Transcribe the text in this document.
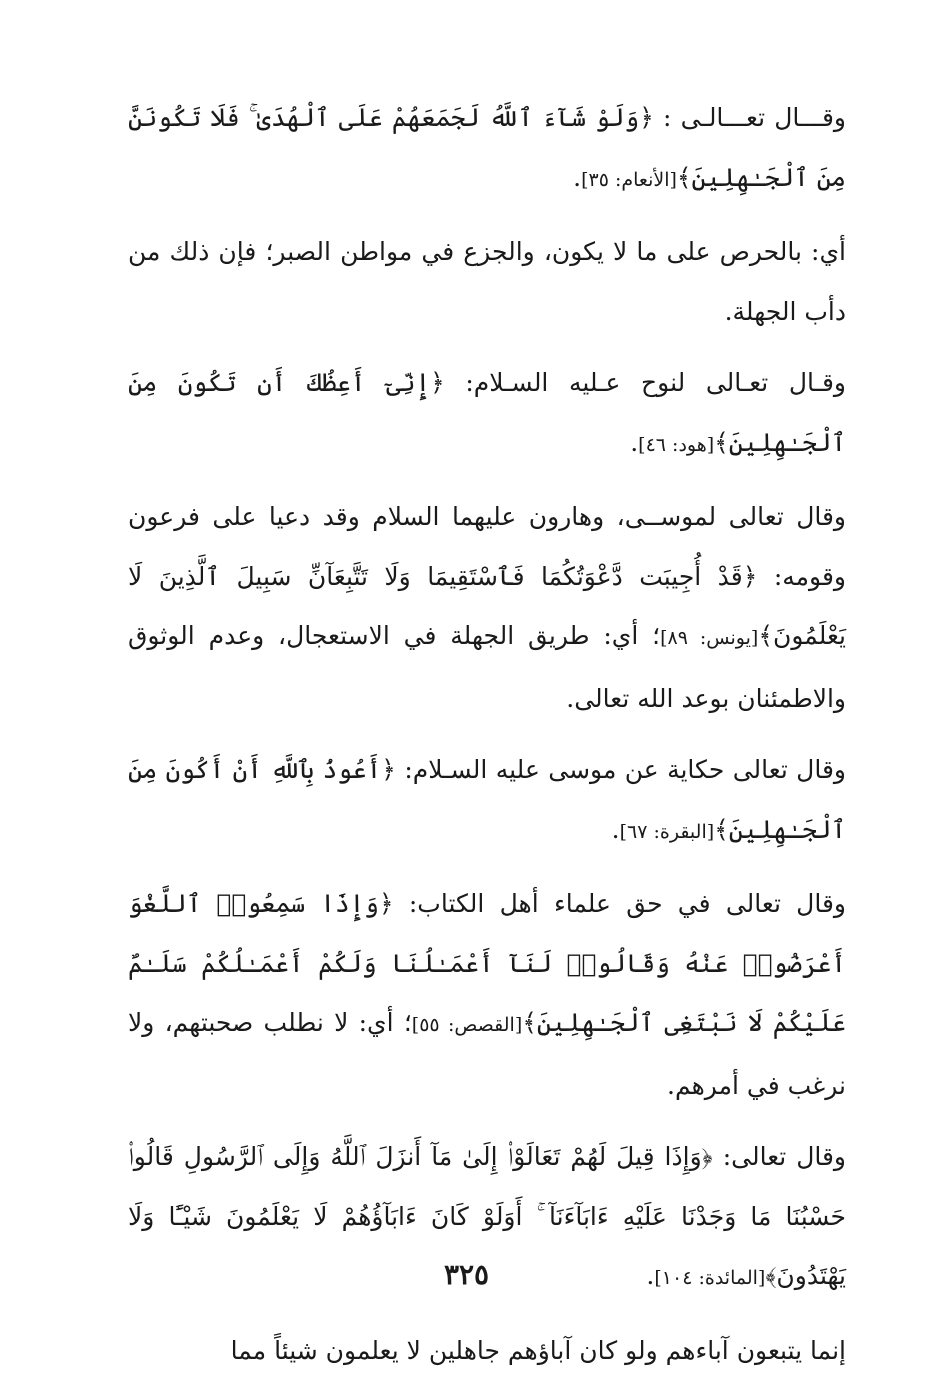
وقـــال تعـــالـى : ﴿وَلَوْ شَآءَ ٱللَّهُ لَجَمَعَهُمْ عَلَى ٱلْهُدَىٰ ۚ فَلَا تَكُونَنَّ مِنَ ٱلْجَـٰهِلِينَ﴾[الأنعام: ٣٥].

أي: بالحرص على ما لا يكون، والجزع في مواطن الصبر؛ فإن ذلك من دأب الجهلة.

وقـال تعـالى لنوح عـليه السـلام: ﴿إِنِّىٓ أَعِظُكَ أَن تَكُونَ مِنَ ٱلْجَـٰهِلِينَ﴾[هود: ٤٦].

وقال تعالى لموســى، وهارون عليهما السلام وقد دعيا على فرعون وقومه: ﴿قَدْ أُجِيبَت دَّعْوَتُكُمَا فَٱسْتَقِيمَا وَلَا تَتَّبِعَآنِّ سَبِيلَ ٱلَّذِينَ لَا يَعْلَمُونَ﴾[يونس: ٨٩]؛ أي: طريق الجهلة في الاستعجال، وعدم الوثوق والاطمئنان بوعد الله تعالى.

وقال تعالى حكاية عن موسى عليه السـلام: ﴿أَعُوذُ بِٱللَّهِ أَنْ أَكُونَ مِنَ ٱلْجَـٰهِلِينَ﴾[البقرة: ٦٧].

وقال تعالى في حق علماء أهل الكتاب: ﴿وَإِذَا سَمِعُوا۟ ٱللَّغْوَ أَعْرَضُوا۟ عَنْهُ وَقَالُوا۟ لَنَآ أَعْمَـٰلُنَا وَلَكُمْ أَعْمَـٰلُكُمْ سَلَـٰمٌ عَلَيْكُمْ لَا نَبْتَغِى ٱلْجَـٰهِلِينَ﴾[القصص: ٥٥]؛ أي: لا نطلب صحبتهم، ولا نرغب في أمرهم.

وقال تعالى: ﴿وَإِذَا قِيلَ لَهُمْ تَعَالَوْا۟ إِلَىٰ مَآ أَنزَلَ ٱللَّهُ وَإِلَى ٱلرَّسُولِ قَالُوا۟ حَسْبُنَا مَا وَجَدْنَا عَلَيْهِ ءَابَآءَنَآ ۚ أَوَلَوْ كَانَ ءَابَآؤُهُمْ لَا يَعْلَمُونَ شَيْـًٔا وَلَا يَهْتَدُونَ﴾[المائدة: ١٠٤].

إنما يتبعون آباءهم ولو كان آباؤهم جاهلين لا يعلمون شيئاً مما

٣٢٥
